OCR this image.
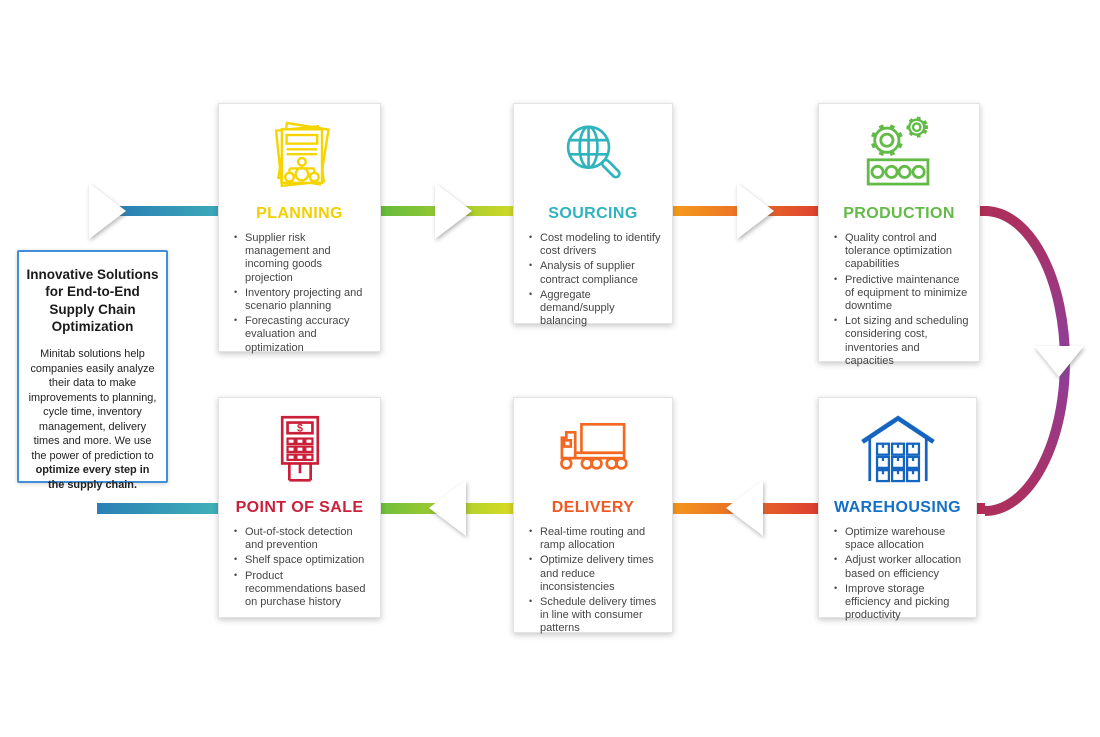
Innovative Solutions for End-to-End Supply Chain Optimization

Minitab solutions help companies easily analyze their data to make improvements to planning, cycle time, inventory management, delivery times and more. We use the power of prediction to optimize every step in the supply chain.

PLANNING
• Supplier risk management and incoming goods projection
• Inventory projecting and scenario planning
• Forecasting accuracy evaluation and optimization
SOURCING
• Cost modeling to identify cost drivers
• Analysis of supplier contract compliance
• Aggregate demand/supply balancing
PRODUCTION
• Quality control and tolerance optimization capabilities
• Predictive maintenance of equipment to minimize downtime
• Lot sizing and scheduling considering cost, inventories and capacities
WAREHOUSING
• Optimize warehouse space allocation
• Adjust worker allocation based on efficiency
• Improve storage efficiency and picking productivity
DELIVERY
• Real-time routing and ramp allocation
• Optimize delivery times and reduce inconsistencies
• Schedule delivery times in line with consumer patterns
$
POINT OF SALE
• Out-of-stock detection and prevention
• Shelf space optimization
• Product recommendations based on purchase history
